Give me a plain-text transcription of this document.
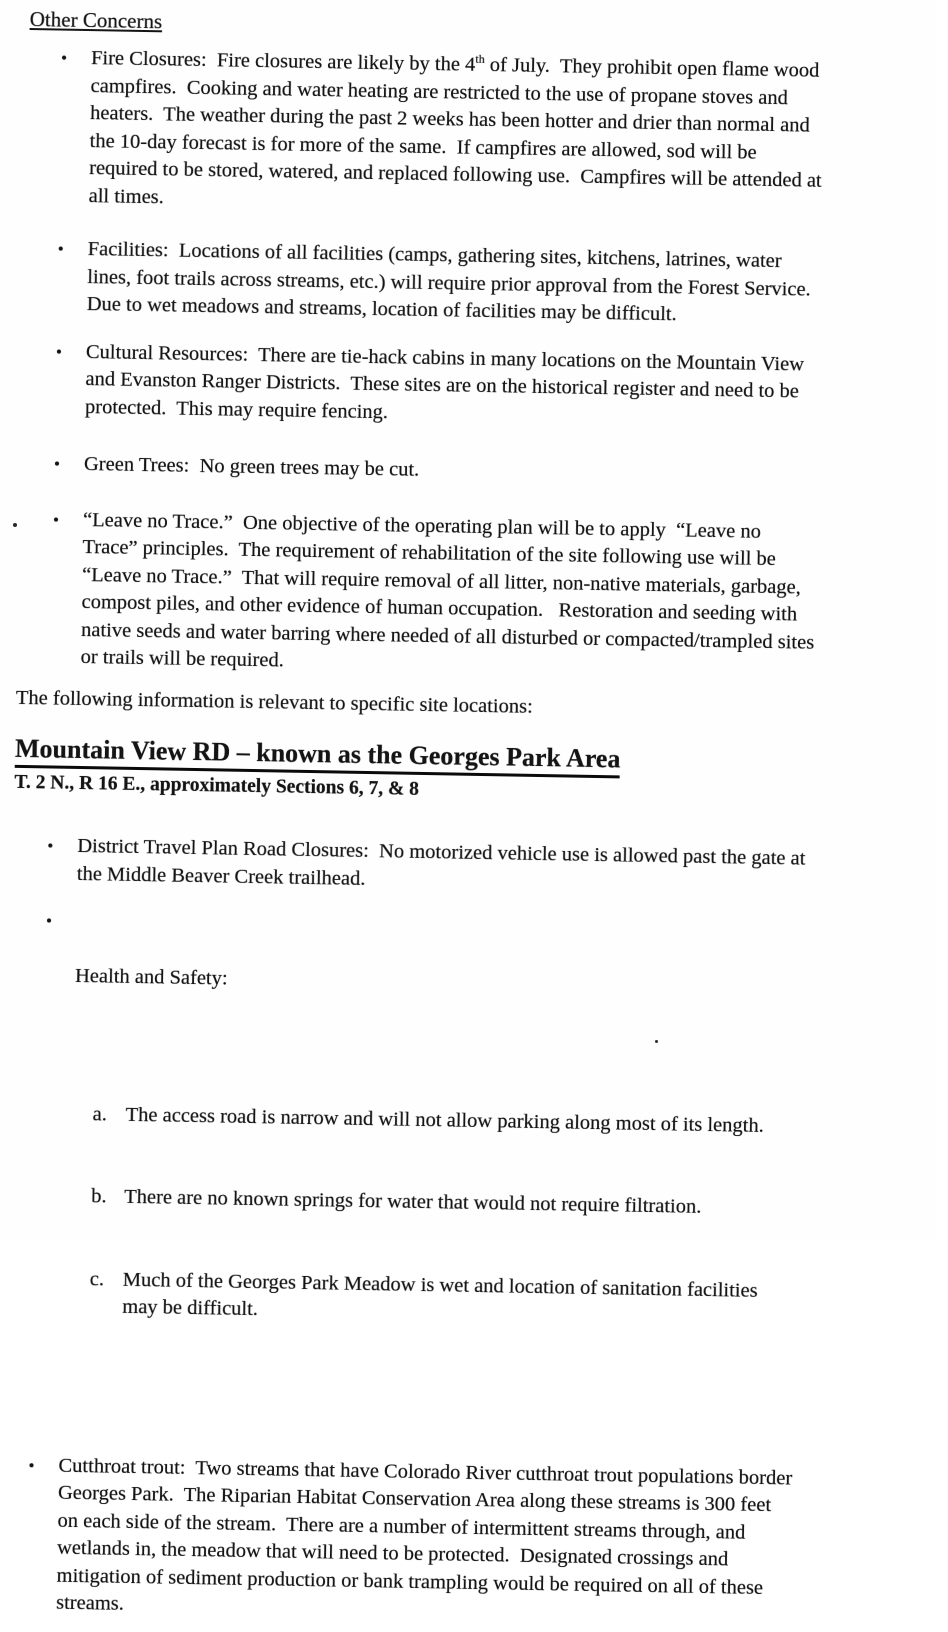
Other Concerns
•	Fire Closures:  Fire closures are likely by the 4th of July.  They prohibit open flame wood
campfires.  Cooking and water heating are restricted to the use of propane stoves and
heaters.  The weather during the past 2 weeks has been hotter and drier than normal and
the 10-day forecast is for more of the same.  If campfires are allowed, sod will be
required to be stored, watered, and replaced following use.  Campfires will be attended at
all times.
•	Facilities:  Locations of all facilities (camps, gathering sites, kitchens, latrines, water
lines, foot trails across streams, etc.) will require prior approval from the Forest Service.
Due to wet meadows and streams, location of facilities may be difficult.
•	Cultural Resources:  There are tie-hack cabins in many locations on the Mountain View
and Evanston Ranger Districts.  These sites are on the historical register and need to be
protected.  This may require fencing.
•	Green Trees:  No green trees may be cut.
•	“Leave no Trace.”  One objective of the operating plan will be to apply  “Leave no
Trace” principles.  The requirement of rehabilitation of the site following use will be
“Leave no Trace.”  That will require removal of all litter, non-native materials, garbage,
compost piles, and other evidence of human occupation.   Restoration and seeding with
native seeds and water barring where needed of all disturbed or compacted/trampled sites
or trails will be required.

The following information is relevant to specific site locations:

Mountain View RD – known as the Georges Park Area
T. 2 N., R 16 E., approximately Sections 6, 7, & 8
•	District Travel Plan Road Closures:  No motorized vehicle use is allowed past the gate at
the Middle Beaver Creek trailhead.
•

Health and Safety:

a. The access road is narrow and will not allow parking along most of its length.

b. There are no known springs for water that would not require filtration.

c. Much of the Georges Park Meadow is wet and location of sanitation facilities
may be difficult.

•	Cutthroat trout:  Two streams that have Colorado River cutthroat trout populations border
Georges Park.  The Riparian Habitat Conservation Area along these streams is 300 feet
on each side of the stream.  There are a number of intermittent streams through, and
wetlands in, the meadow that will need to be protected.  Designated crossings and
mitigation of sediment production or bank trampling would be required on all of these
streams.
